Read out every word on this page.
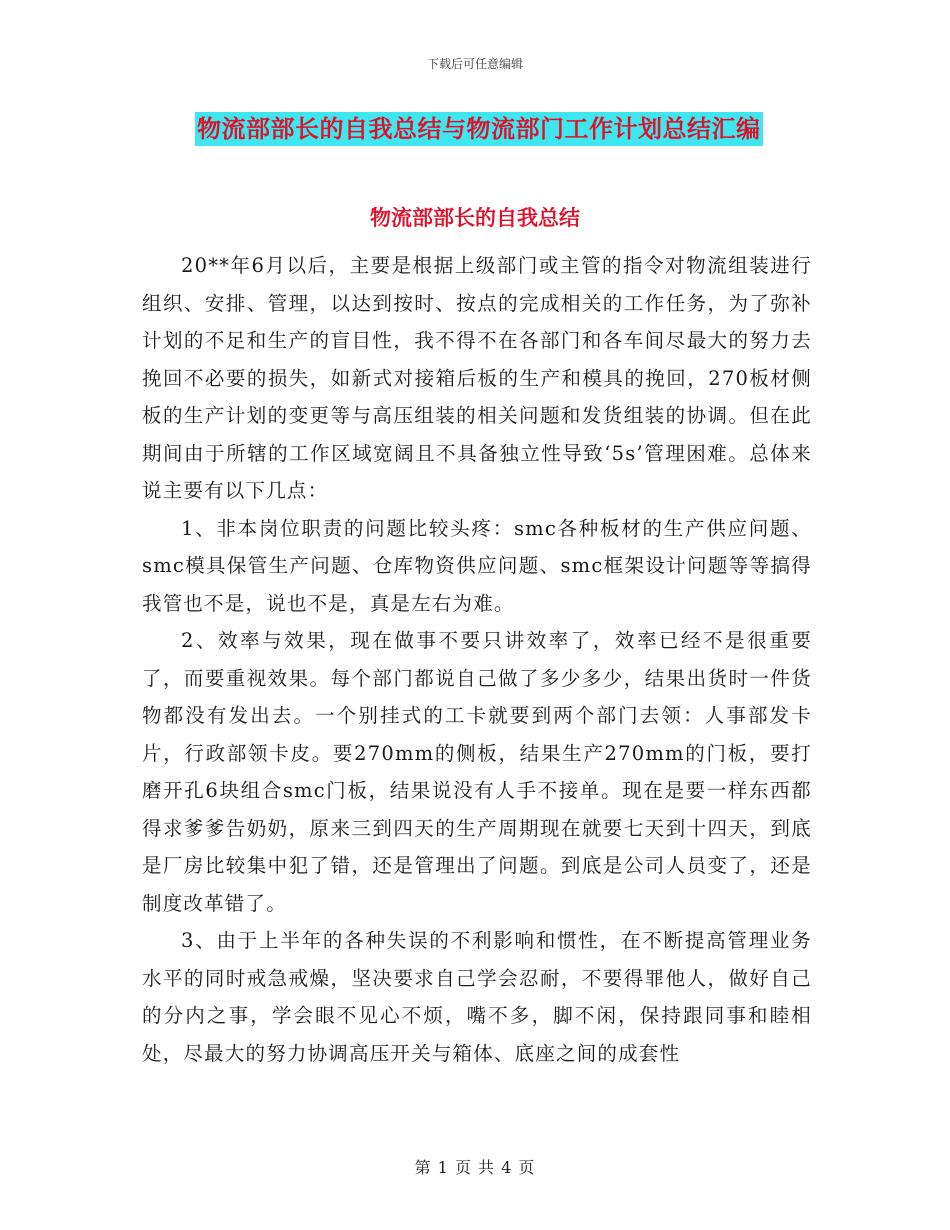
下载后可任意编辑
物流部部长的自我总结与物流部门工作计划总结汇编
物流部部长的自我总结

20**年6月以后，主要是根据上级部门或主管的指令对物流组装进行组织、安排、管理，以达到按时、按点的完成相关的工作任务，为了弥补计划的不足和生产的盲目性，我不得不在各部门和各车间尽最大的努力去挽回不必要的损失，如新式对接箱后板的生产和模具的挽回，270板材侧板的生产计划的变更等与高压组装的相关问题和发货组装的协调。但在此期间由于所辖的工作区域宽阔且不具备独立性导致‘5s’管理困难。总体来说主要有以下几点：

1、非本岗位职责的问题比较头疼：smc各种板材的生产供应问题、smc模具保管生产问题、仓库物资供应问题、smc框架设计问题等等搞得我管也不是，说也不是，真是左右为难。

2、效率与效果，现在做事不要只讲效率了，效率已经不是很重要了，而要重视效果。每个部门都说自己做了多少多少，结果出货时一件货物都没有发出去。一个别挂式的工卡就要到两个部门去领：人事部发卡片，行政部领卡皮。要270mm的侧板，结果生产270mm的门板，要打磨开孔6块组合smc门板，结果说没有人手不接单。现在是要一样东西都得求爹爹告奶奶，原来三到四天的生产周期现在就要七天到十四天，到底是厂房比较集中犯了错，还是管理出了问题。到底是公司人员变了，还是制度改革错了。

3、由于上半年的各种失误的不利影响和惯性，在不断提高管理业务水平的同时戒急戒燥，坚决要求自己学会忍耐，不要得罪他人，做好自己的分内之事，学会眼不见心不烦，嘴不多，脚不闲，保持跟同事和睦相处，尽最大的努力协调高压开关与箱体、底座之间的成套性

第 1 页 共 4 页
